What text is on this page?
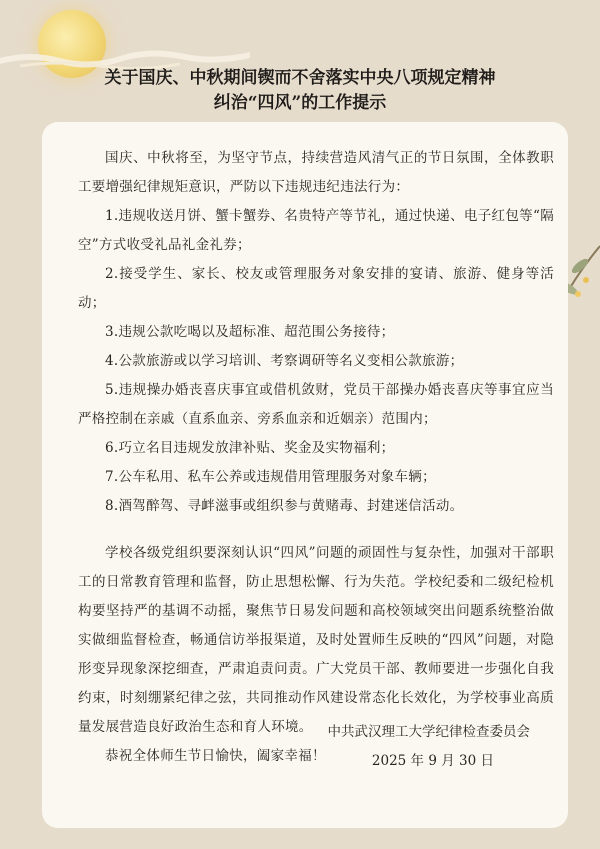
关于国庆、中秋期间锲而不舍落实中央八项规定精神
纠治“四风”的工作提示

国庆、中秋将至，为坚守节点，持续营造风清气正的节日氛围，全体教职工要增强纪律规矩意识，严防以下违规违纪违法行为：

1.违规收送月饼、蟹卡蟹券、名贵特产等节礼，通过快递、电子红包等“隔空”方式收受礼品礼金礼券；
2.接受学生、家长、校友或管理服务对象安排的宴请、旅游、健身等活动；
3.违规公款吃喝以及超标准、超范围公务接待；
4.公款旅游或以学习培训、考察调研等名义变相公款旅游；
5.违规操办婚丧喜庆事宜或借机敛财，党员干部操办婚丧喜庆等事宜应当严格控制在亲戚（直系血亲、旁系血亲和近姻亲）范围内；
6.巧立名目违规发放津补贴、奖金及实物福利；
7.公车私用、私车公养或违规借用管理服务对象车辆；
8.酒驾醉驾、寻衅滋事或组织参与黄赌毒、封建迷信活动。

学校各级党组织要深刻认识“四风”问题的顽固性与复杂性，加强对干部职工的日常教育管理和监督，防止思想松懈、行为失范。学校纪委和二级纪检机构要坚持严的基调不动摇，聚焦节日易发问题和高校领域突出问题系统整治做实做细监督检查，畅通信访举报渠道，及时处置师生反映的“四风”问题，对隐形变异现象深挖细查，严肃追责问责。广大党员干部、教师要进一步强化自我约束，时刻绷紧纪律之弦，共同推动作风建设常态化长效化，为学校事业高质量发展营造良好政治生态和育人环境。

恭祝全体师生节日愉快，阖家幸福！

中共武汉理工大学纪律检查委员会
2025 年 9 月 30 日
